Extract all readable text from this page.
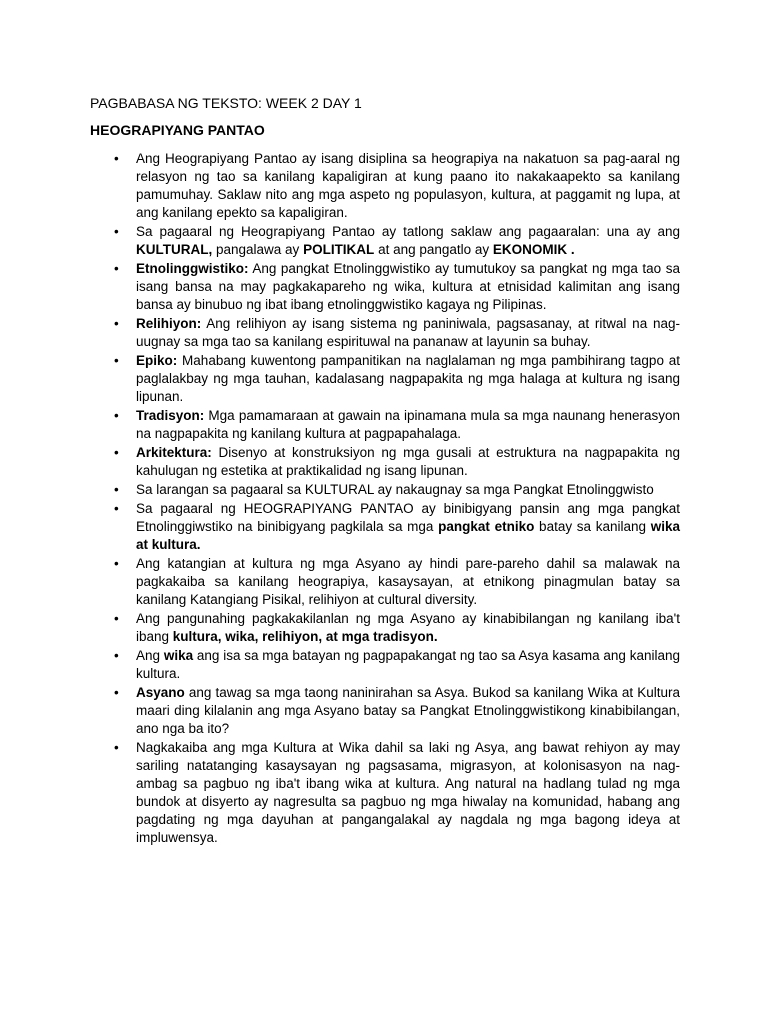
PAGBABASA NG TEKSTO: WEEK 2 DAY 1
HEOGRAPIYANG PANTAO
•	Ang Heograpiyang Pantao ay isang disiplina sa heograpiya na nakatuon sa pag-aaral ng relasyon ng tao sa kanilang kapaligiran at kung paano ito nakakaapekto sa kanilang pamumuhay. Saklaw nito ang mga aspeto ng populasyon, kultura, at paggamit ng lupa, at ang kanilang epekto sa kapaligiran.
•	Sa pagaaral ng Heograpiyang Pantao ay tatlong saklaw ang pagaaralan: una ay ang KULTURAL, pangalawa ay POLITIKAL at ang pangatlo ay EKONOMIK .
•	Etnolinggwistiko: Ang pangkat Etnolinggwistiko ay tumutukoy sa pangkat ng mga tao sa isang bansa na may pagkakapareho ng wika, kultura at etnisidad kalimitan ang isang bansa ay binubuo ng ibat ibang etnolinggwistiko kagaya ng Pilipinas.
•	Relihiyon: Ang relihiyon ay isang sistema ng paniniwala, pagsasanay, at ritwal na nag-uugnay sa mga tao sa kanilang espirituwal na pananaw at layunin sa buhay.
•	Epiko: Mahabang kuwentong pampanitikan na naglalaman ng mga pambihirang tagpo at paglalakbay ng mga tauhan, kadalasang nagpapakita ng mga halaga at kultura ng isang lipunan.
•	Tradisyon: Mga pamamaraan at gawain na ipinamana mula sa mga naunang henerasyon na nagpapakita ng kanilang kultura at pagpapahalaga.
•	Arkitektura: Disenyo at konstruksiyon ng mga gusali at estruktura na nagpapakita ng kahulugan ng estetika at praktikalidad ng isang lipunan.
•	Sa larangan sa pagaaral sa KULTURAL ay nakaugnay sa mga Pangkat Etnolinggwisto
•	Sa pagaaral ng HEOGRAPIYANG PANTAO ay binibigyang pansin ang mga pangkat Etnolinggiwstiko na binibigyang pagkilala sa mga pangkat etniko batay sa kanilang wika at kultura.
•	Ang katangian at kultura ng mga Asyano ay hindi pare-pareho dahil sa malawak na pagkakaiba sa kanilang heograpiya, kasaysayan, at etnikong pinagmulan batay sa kanilang Katangiang Pisikal, relihiyon at cultural diversity.
•	Ang pangunahing pagkakakilanlan ng mga Asyano ay kinabibilangan ng kanilang iba't ibang kultura, wika, relihiyon, at mga tradisyon.
•	Ang wika ang isa sa mga batayan ng pagpapakangat ng tao sa Asya kasama ang kanilang kultura.
•	Asyano ang tawag sa mga taong naninirahan sa Asya. Bukod sa kanilang Wika at Kultura maari ding kilalanin ang mga Asyano batay sa Pangkat Etnolinggwistikong kinabibilangan, ano nga ba ito?
•	Nagkakaiba ang mga Kultura at Wika dahil sa laki ng Asya, ang bawat rehiyon ay may sariling natatanging kasaysayan ng pagsasama, migrasyon, at kolonisasyon na nag-ambag sa pagbuo ng iba't ibang wika at kultura. Ang natural na hadlang tulad ng mga bundok at disyerto ay nagresulta sa pagbuo ng mga hiwalay na komunidad, habang ang pagdating ng mga dayuhan at pangangalakal ay nagdala ng mga bagong ideya at impluwensya.
